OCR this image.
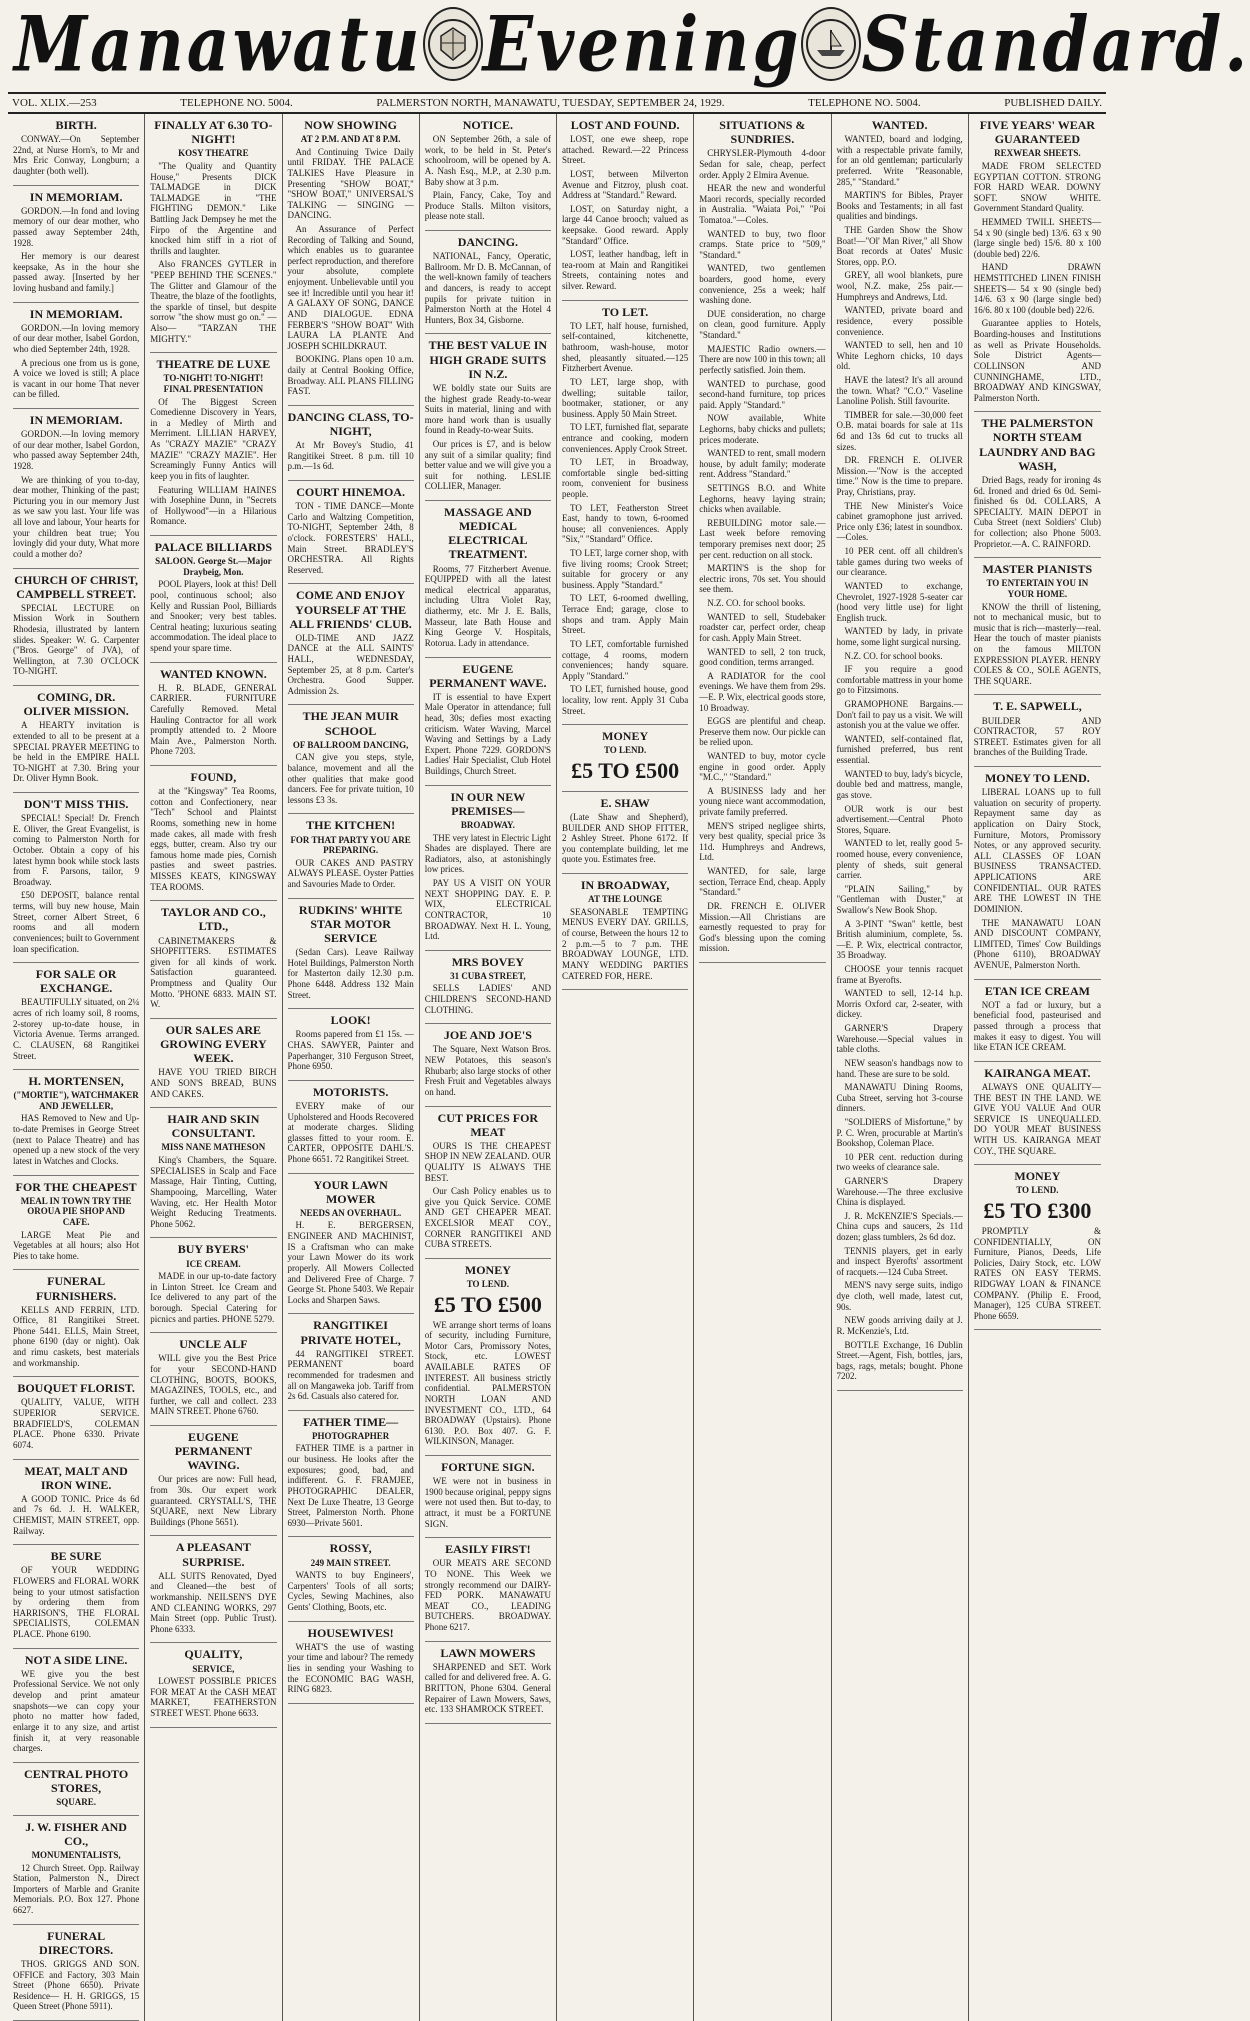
Manawatu Evening Standard.
VOL. XLIX.—253	TELEPHONE NO. 5004.	PALMERSTON NORTH, MANAWATU, TUESDAY, SEPTEMBER 24, 1929.	TELEPHONE NO. 5004.	PUBLISHED DAILY.
BIRTH.

CONWAY.—On September 22nd, at Nurse Horn's, to Mr and Mrs Eric Conway, Longburn; a daughter (both well).

IN MEMORIAM.

GORDON.—In fond and loving memory of our dear mother, who passed away September 24th, 1928.

Her memory is our dearest keepsake, As in the hour she passed away. [Inserted by her loving husband and family.]

IN MEMORIAM.

GORDON.—In loving memory of our dear mother, Isabel Gordon, who died September 24th, 1928.

A precious one from us is gone, A voice we loved is still; A place is vacant in our home That never can be filled.

IN MEMORIAM.

GORDON.—In loving memory of our dear mother, Isabel Gordon, who passed away September 24th, 1928.

We are thinking of you to-day, dear mother, Thinking of the past; Picturing you in our memory Just as we saw you last. Your life was all love and labour, Your hearts for your children beat true; You lovingly did your duty, What more could a mother do?

CHURCH OF CHRIST, CAMPBELL STREET.

SPECIAL LECTURE on Mission Work in Southern Rhodesia, illustrated by lantern slides. Speaker: W. G. Carpenter ("Bros. George" of JVA), of Wellington, at 7.30 O'CLOCK TO-NIGHT.

COMING, DR. OLIVER MISSION.

A HEARTY invitation is extended to all to be present at a SPECIAL PRAYER MEETING to be held in the EMPIRE HALL TO-NIGHT at 7.30. Bring your Dr. Oliver Hymn Book.

DON'T MISS THIS.

SPECIAL! Special! Dr. French E. Oliver, the Great Evangelist, is coming to Palmerston North for October. Obtain a copy of his latest hymn book while stock lasts from F. Parsons, tailor, 9 Broadway.

£50 DEPOSIT, balance rental terms, will buy new house, Main Street, corner Albert Street, 6 rooms and all modern conveniences; built to Government loan specification.

FOR SALE OR EXCHANGE.

BEAUTIFULLY situated, on 2¼ acres of rich loamy soil, 8 rooms, 2-storey up-to-date house, in Victoria Avenue. Terms arranged. C. CLAUSEN, 68 Rangitikei Street.

H. MORTENSEN,
("MORTIE"), WATCHMAKER AND JEWELLER,

HAS Removed to New and Up-to-date Premises in George Street (next to Palace Theatre) and has opened up a new stock of the very latest in Watches and Clocks.

FOR THE CHEAPEST
MEAL IN TOWN TRY THE OROUA PIE SHOP AND CAFE.

LARGE Meat Pie and Vegetables at all hours; also Hot Pies to take home.

FUNERAL FURNISHERS.

KELLS AND FERRIN, LTD. Office, 81 Rangitikei Street. Phone 5441. ELLS, Main Street, phone 6190 (day or night). Oak and rimu caskets, best materials and workmanship.

BOUQUET FLORIST.

QUALITY, VALUE, WITH SUPERIOR SERVICE. BRADFIELD'S, COLEMAN PLACE. Phone 6330. Private 6074.

MEAT, MALT AND IRON WINE.

A GOOD TONIC. Price 4s 6d and 7s 6d. J. H. WALKER, CHEMIST, MAIN STREET, opp. Railway.

BE SURE

OF YOUR WEDDING FLOWERS and FLORAL WORK being to your utmost satisfaction by ordering them from HARRISON'S, THE FLORAL SPECIALISTS, COLEMAN PLACE. Phone 6190.

NOT A SIDE LINE.

WE give you the best Professional Service. We not only develop and print amateur snapshots—we can copy your photo no matter how faded, enlarge it to any size, and artist finish it, at very reasonable charges.

CENTRAL PHOTO STORES,
SQUARE.
J. W. FISHER AND CO.,
MONUMENTALISTS,

12 Church Street. Opp. Railway Station, Palmerston N., Direct Importers of Marble and Granite Memorials. P.O. Box 127. Phone 6627.

FUNERAL DIRECTORS.

THOS. GRIGGS AND SON. OFFICE and Factory, 303 Main Street (Phone 6650). Private Residence— H. H. GRIGGS, 15 Queen Street (Phone 5911).

FINALLY AT 6.30 TO-NIGHT!
KOSY THEATRE

"The Quality and Quantity House," Presents DICK TALMADGE in DICK TALMADGE in "THE FIGHTING DEMON." Like Battling Jack Dempsey he met the Firpo of the Argentine and knocked him stiff in a riot of thrills and laughter.

Also FRANCES GYTLER in "PEEP BEHIND THE SCENES." The Glitter and Glamour of the Theatre, the blaze of the footlights, the sparkle of tinsel, but despite sorrow "the show must go on." —Also— "TARZAN THE MIGHTY."

THEATRE DE LUXE
TO-NIGHT! TO-NIGHT! FINAL PRESENTATION

Of The Biggest Screen Comedienne Discovery in Years, in a Medley of Mirth and Merriment. LILLIAN HARVEY, As "CRAZY MAZIE" "CRAZY MAZIE" "CRAZY MAZIE". Her Screamingly Funny Antics will keep you in fits of laughter.

Featuring WILLIAM HAINES with Josephine Dunn, in "Secrets of Hollywood"—in a Hilarious Romance.

PALACE BILLIARDS
SALOON. George St.—Major Draybeig, Mon.

POOL Players, look at this! Dell pool, continuous school; also Kelly and Russian Pool, Billiards and Snooker; very best tables. Central heating; luxurious seating accommodation. The ideal place to spend your spare time.

WANTED KNOWN.

H. R. BLADE, GENERAL CARRIER. FURNITURE Carefully Removed. Metal Hauling Contractor for all work promptly attended to. 2 Moore Main Ave., Palmerston North. Phone 7203.

FOUND,

at the "Kingsway" Tea Rooms, cotton and Confectionery, near "Tech" School and Plaintst Rooms, something new in home made cakes, all made with fresh eggs, butter, cream. Also try our famous home made pies, Cornish pasties and sweet pastries. MISSES KEATS, KINGSWAY TEA ROOMS.

TAYLOR AND CO., LTD.,

CABINETMAKERS & SHOPFITTERS. ESTIMATES given for all kinds of work. Satisfaction guaranteed. Promptness and Quality Our Motto. 'PHONE 6833. MAIN ST. W.

OUR SALES ARE GROWING EVERY WEEK.

HAVE YOU TRIED BIRCH AND SON'S BREAD, BUNS AND CAKES.

HAIR AND SKIN CONSULTANT.
MISS NANE MATHESON

King's Chambers, the Square. SPECIALISES in Scalp and Face Massage, Hair Tinting, Cutting, Shampooing, Marcelling, Water Waving, etc. Her Health Motor Weight Reducing Treatments. Phone 5062.

BUY BYERS'
ICE CREAM.

MADE in our up-to-date factory in Linton Street. Ice Cream and Ice delivered to any part of the borough. Special Catering for picnics and parties. PHONE 5279.

UNCLE ALF

WILL give you the Best Price for your SECOND-HAND CLOTHING, BOOTS, BOOKS, MAGAZINES, TOOLS, etc., and further, we call and collect. 233 MAIN STREET. Phone 6760.

EUGENE PERMANENT WAVING.

Our prices are now: Full head, from 30s. Our expert work guaranteed. CRYSTALL'S, THE SQUARE, next New Library Buildings (Phone 5651).

A PLEASANT SURPRISE.

ALL SUITS Renovated, Dyed and Cleaned—the best of workmanship. NEILSEN'S DYE AND CLEANING WORKS, 297 Main Street (opp. Public Trust). Phone 6333.

QUALITY,
SERVICE,

LOWEST POSSIBLE PRICES FOR MEAT At the CASH MEAT MARKET, FEATHERSTON STREET WEST. Phone 6633.

NOW SHOWING
AT 2 P.M. AND AT 8 P.M.

And Continuing Twice Daily until FRIDAY. THE PALACE TALKIES Have Pleasure in Presenting "SHOW BOAT," "SHOW BOAT," UNIVERSAL'S TALKING — SINGING — DANCING.

An Assurance of Perfect Recording of Talking and Sound, which enables us to guarantee perfect reproduction, and therefore your absolute, complete enjoyment. Unbelievable until you see it! Incredible until you hear it! A GALAXY OF SONG, DANCE AND DIALOGUE. EDNA FERBER'S "SHOW BOAT" With LAURA LA PLANTE And JOSEPH SCHILDKRAUT.

BOOKING. Plans open 10 a.m. daily at Central Booking Office, Broadway. ALL PLANS FILLING FAST.

DANCING CLASS, TO-NIGHT,

At Mr Bovey's Studio, 41 Rangitikei Street. 8 p.m. till 10 p.m.—1s 6d.

COURT HINEMOA.

TON - TIME DANCE—Monte Carlo and Waltzing Competition, TO-NIGHT, September 24th, 8 o'clock. FORESTERS' HALL, Main Street. BRADLEY'S ORCHESTRA. All Rights Reserved.

COME AND ENJOY YOURSELF AT THE ALL FRIENDS' CLUB.

OLD-TIME AND JAZZ DANCE at the ALL SAINTS' HALL, WEDNESDAY, September 25, at 8 p.m. Carter's Orchestra. Good Supper. Admission 2s.

THE JEAN MUIR SCHOOL
OF BALLROOM DANCING,

CAN give you steps, style, balance, movement and all the other qualities that make good dancers. Fee for private tuition, 10 lessons £3 3s.

THE KITCHEN!
FOR THAT PARTY YOU ARE PREPARING.

OUR CAKES AND PASTRY ALWAYS PLEASE. Oyster Patties and Savouries Made to Order.

RUDKINS' WHITE STAR MOTOR SERVICE

(Sedan Cars). Leave Railway Hotel Buildings, Palmerston North for Masterton daily 12.30 p.m. Phone 6448. Address 132 Main Street.

LOOK!

Rooms papered from £1 15s. —CHAS. SAWYER, Painter and Paperhanger, 310 Ferguson Street, Phone 6950.

MOTORISTS.

EVERY make of our Upholstered and Hoods Recovered at moderate charges. Sliding glasses fitted to your room. E. CARTER, OPPOSITE DAHL'S. Phone 6651. 72 Rangitikei Street.

YOUR LAWN MOWER
NEEDS AN OVERHAUL.

H. E. BERGERSEN, ENGINEER AND MACHINIST, IS a Craftsman who can make your Lawn Mower do its work properly. All Mowers Collected and Delivered Free of Charge. 7 George St. Phone 5403. We Repair Locks and Sharpen Saws.

RANGITIKEI PRIVATE HOTEL,

44 RANGITIKEI STREET. PERMANENT board recommended for tradesmen and all on Mangaweka job. Tariff from 2s 6d. Casuals also catered for.

FATHER TIME—
PHOTOGRAPHER

FATHER TIME is a partner in our business. He looks after the exposures; good, bad, and indifferent. G. F. FRAMJEE, PHOTOGRAPHIC DEALER, Next De Luxe Theatre, 13 George Street, Palmerston North. Phone 6930—Private 5601.

ROSSY,
249 MAIN STREET.

WANTS to buy Engineers', Carpenters' Tools of all sorts; Cycles, Sewing Machines, also Gents' Clothing, Boots, etc.

HOUSEWIVES!

WHAT'S the use of wasting your time and labour? The remedy lies in sending your Washing to the ECONOMIC BAG WASH, RING 6823.

NOTICE.

ON September 26th, a sale of work, to be held in St. Peter's schoolroom, will be opened by A. A. Nash Esq., M.P., at 2.30 p.m. Baby show at 3 p.m.

Plain, Fancy, Cake, Toy and Produce Stalls. Milton visitors, please note stall.

DANCING.

NATIONAL, Fancy, Operatic, Ballroom. Mr D. B. McCannan, of the well-known family of teachers and dancers, is ready to accept pupils for private tuition in Palmerston North at the Hotel 4 Hunters, Box 34, Gisborne.

THE BEST VALUE IN HIGH GRADE SUITS IN N.Z.

WE boldly state our Suits are the highest grade Ready-to-wear Suits in material, lining and with more hand work than is usually found in Ready-to-wear Suits.

Our prices is £7, and is below any suit of a similar quality; find better value and we will give you a suit for nothing. LESLIE COLLIER, Manager.

MASSAGE AND MEDICAL ELECTRICAL TREATMENT.

Rooms, 77 Fitzherbert Avenue. EQUIPPED with all the latest medical electrical apparatus, including Ultra Violet Ray, diathermy, etc. Mr J. E. Balls, Masseur, late Bath House and King George V. Hospitals, Rotorua. Lady in attendance.

EUGENE PERMANENT WAVE.

IT is essential to have Expert Male Operator in attendance; full head, 30s; defies most exacting criticism. Water Waving, Marcel Waving and Settings by a Lady Expert. Phone 7229. GORDON'S Ladies' Hair Specialist, Club Hotel Buildings, Church Street.

IN OUR NEW PREMISES—
BROADWAY.

THE very latest in Electric Light Shades are displayed. There are Radiators, also, at astonishingly low prices.

PAY US A VISIT ON YOUR NEXT SHOPPING DAY. E. P. WIX, ELECTRICAL CONTRACTOR, 10 BROADWAY. Next H. L. Young, Ltd.

MRS BOVEY
31 CUBA STREET,

SELLS LADIES' AND CHILDREN'S SECOND-HAND CLOTHING.

JOE AND JOE'S

The Square, Next Watson Bros. NEW Potatoes, this season's Rhubarb; also large stocks of other Fresh Fruit and Vegetables always on hand.

CUT PRICES FOR MEAT

OURS IS THE CHEAPEST SHOP IN NEW ZEALAND. OUR QUALITY IS ALWAYS THE BEST.

Our Cash Policy enables us to give you Quick Service. COME AND GET CHEAPER MEAT. EXCELSIOR MEAT COY., CORNER RANGITIKEI AND CUBA STREETS.

MONEY
TO LEND.
£5 TO £500

WE arrange short terms of loans of security, including Furniture, Motor Cars, Promissory Notes, Stock, etc. LOWEST AVAILABLE RATES OF INTEREST. All business strictly confidential. PALMERSTON NORTH LOAN AND INVESTMENT CO., LTD., 64 BROADWAY (Upstairs). Phone 6130. P.O. Box 407. G. F. WILKINSON, Manager.

FORTUNE SIGN.

WE were not in business in 1900 because original, peppy signs were not used then. But to-day, to attract, it must be a FORTUNE SIGN.

EASILY FIRST!

OUR MEATS ARE SECOND TO NONE. This Week we strongly recommend our DAIRY-FED PORK. MANAWATU MEAT CO., LEADING BUTCHERS. BROADWAY. Phone 6217.

LAWN MOWERS

SHARPENED and SET. Work called for and delivered free. A. G. BRITTON, Phone 6304. General Repairer of Lawn Mowers, Saws, etc. 133 SHAMROCK STREET.

LOST AND FOUND.

LOST, one ewe sheep, rope attached. Reward.—22 Princess Street.

LOST, between Milverton Avenue and Fitzroy, plush coat. Address at "Standard." Reward.

LOST, on Saturday night, a large 44 Canoe brooch; valued as keepsake. Good reward. Apply "Standard" Office.

LOST, leather handbag, left in tea-room at Main and Rangitikei Streets, containing notes and silver. Reward.

TO LET.

TO LET, half house, furnished, self-contained, kitchenette, bathroom, wash-house, motor shed, pleasantly situated.—125 Fitzherbert Avenue.

TO LET, large shop, with dwelling; suitable tailor, bootmaker, stationer, or any business. Apply 50 Main Street.

TO LET, furnished flat, separate entrance and cooking, modern conveniences. Apply Crook Street.

TO LET, in Broadway, comfortable single bed-sitting room, convenient for business people.

TO LET, Featherston Street East, handy to town, 6-roomed house; all conveniences. Apply "Six," "Standard" Office.

TO LET, large corner shop, with five living rooms; Crook Street; suitable for grocery or any business. Apply "Standard."

TO LET, 6-roomed dwelling, Terrace End; garage, close to shops and tram. Apply Main Street.

TO LET, comfortable furnished cottage, 4 rooms, modern conveniences; handy square. Apply "Standard."

TO LET, furnished house, good locality, low rent. Apply 31 Cuba Street.

MONEY
TO LEND.
£5 TO £500
E. SHAW

(Late Shaw and Shepherd), BUILDER AND SHOP FITTER, 2 Ashley Street. Phone 6172. If you contemplate building, let me quote you. Estimates free.

IN BROADWAY,
AT THE LOUNGE

SEASONABLE TEMPTING MENUS EVERY DAY. GRILLS, of course, Between the hours 12 to 2 p.m.—5 to 7 p.m. THE BROADWAY LOUNGE, LTD. MANY WEDDING PARTIES CATERED FOR, HERE.

SITUATIONS & SUNDRIES.

CHRYSLER-Plymouth 4-door Sedan for sale, cheap, perfect order. Apply 2 Elmira Avenue.

HEAR the new and wonderful Maori records, specially recorded in Australia. "Waiata Poi," "Poi Tomatoa."—Coles.

WANTED to buy, two floor cramps. State price to "509," "Standard."

WANTED, two gentlemen boarders, good home, every convenience, 25s a week; half washing done.

DUE consideration, no charge on clean, good furniture. Apply "Standard."

MAJESTIC Radio owners.—There are now 100 in this town; all perfectly satisfied. Join them.

WANTED to purchase, good second-hand furniture, top prices paid. Apply "Standard."

NOW available, White Leghorns, baby chicks and pullets; prices moderate.

WANTED to rent, small modern house, by adult family; moderate rent. Address "Standard."

SETTINGS B.O. and White Leghorns, heavy laying strain; chicks when available.

REBUILDING motor sale.—Last week before removing temporary premises next door; 25 per cent. reduction on all stock.

MARTIN'S is the shop for electric irons, 70s set. You should see them.

N.Z. CO. for school books.

WANTED to sell, Studebaker roadster car, perfect order, cheap for cash. Apply Main Street.

WANTED to sell, 2 ton truck, good condition, terms arranged.

A RADIATOR for the cool evenings. We have them from 29s.—E. P. Wix, electrical goods store, 10 Broadway.

EGGS are plentiful and cheap. Preserve them now. Our pickle can be relied upon.

WANTED to buy, motor cycle engine in good order. Apply "M.C.," "Standard."

A BUSINESS lady and her young niece want accommodation, private family preferred.

MEN'S striped negligee shirts, very best quality, special price 3s 11d. Humphreys and Andrews, Ltd.

WANTED, for sale, large section, Terrace End, cheap. Apply "Standard."

DR. FRENCH E. OLIVER Mission.—All Christians are earnestly requested to pray for God's blessing upon the coming mission.

WANTED.

WANTED, board and lodging, with a respectable private family, for an old gentleman; particularly preferred. Write "Reasonable, 285," "Standard."

MARTIN'S for Bibles, Prayer Books and Testaments; in all fast qualities and bindings.

THE Garden Show the Show Boat!—"Ol' Man River," all Show Boat records at Oates' Music Stores, opp. P.O.

GREY, all wool blankets, pure wool, N.Z. make, 25s pair.—Humphreys and Andrews, Ltd.

WANTED, private board and residence, every possible convenience.

WANTED to sell, hen and 10 White Leghorn chicks, 10 days old.

HAVE the latest? It's all around the town. What? "C.O." Vaseline Lanoline Polish. Still favourite.

TIMBER for sale.—30,000 feet O.B. matai boards for sale at 11s 6d and 13s 6d cut to trucks all sizes.

DR. FRENCH E. OLIVER Mission.—"Now is the accepted time." Now is the time to prepare. Pray, Christians, pray.

THE New Minister's Voice cabinet gramophone just arrived. Price only £36; latest in soundbox.—Coles.

10 PER cent. off all children's table games during two weeks of our clearance.

WANTED to exchange, Chevrolet, 1927-1928 5-seater car (hood very little use) for light English truck.

WANTED by lady, in private home, some light surgical nursing.

N.Z. CO. for school books.

IF you require a good comfortable mattress in your home go to Fitzsimons.

GRAMOPHONE Bargains.—Don't fail to pay us a visit. We will astonish you at the value we offer.

WANTED, self-contained flat, furnished preferred, bus rent essential.

WANTED to buy, lady's bicycle, double bed and mattress, mangle, gas stove.

OUR work is our best advertisement.—Central Photo Stores, Square.

WANTED to let, really good 5-roomed house, every convenience, plenty of sheds, suit general carrier.

"PLAIN Sailing," by "Gentleman with Duster," at Swallow's New Book Shop.

A 3-PINT "Swan" kettle, best British aluminium, complete, 5s.—E. P. Wix, electrical contractor, 35 Broadway.

CHOOSE your tennis racquet frame at Byerofts.

WANTED to sell, 12-14 h.p. Morris Oxford car, 2-seater, with dickey.

GARNER'S Drapery Warehouse.—Special values in table cloths.

NEW season's handbags now to hand. These are sure to be sold.

MANAWATU Dining Rooms, Cuba Street, serving hot 3-course dinners.

"SOLDIERS of Misfortune," by P. C. Wren, procurable at Martin's Bookshop, Coleman Place.

10 PER cent. reduction during two weeks of clearance sale.

GARNER'S Drapery Warehouse.—The three exclusive China is displayed.

J. R. McKENZIE'S Specials.—China cups and saucers, 2s 11d dozen; glass tumblers, 2s 6d doz.

TENNIS players, get in early and inspect Byerofts' assortment of racquets.—124 Cuba Street.

MEN'S navy serge suits, indigo dye cloth, well made, latest cut, 90s.

NEW goods arriving daily at J. R. McKenzie's, Ltd.

BOTTLE Exchange, 16 Dublin Street.—Agent, Fish, bottles, jars, bags, rags, metals; bought. Phone 7202.

FIVE YEARS' WEAR GUARANTEED
REXWEAR SHEETS.

MADE FROM SELECTED EGYPTIAN COTTON. STRONG FOR HARD WEAR. DOWNY SOFT. SNOW WHITE. Government Standard Quality.

HEMMED TWILL SHEETS— 54 x 90 (single bed) 13/6. 63 x 90 (large single bed) 15/6. 80 x 100 (double bed) 22/6.

HAND DRAWN HEMSTITCHED LINEN FINISH SHEETS— 54 x 90 (single bed) 14/6. 63 x 90 (large single bed) 16/6. 80 x 100 (double bed) 22/6.

Guarantee applies to Hotels, Boarding-houses and Institutions as well as Private Households. Sole District Agents—COLLINSON AND CUNNINGHAME, LTD., BROADWAY AND KINGSWAY, Palmerston North.

THE PALMERSTON NORTH STEAM LAUNDRY AND BAG WASH,

Dried Bags, ready for ironing 4s 6d. Ironed and dried 6s 0d. Semi-finished 6s 0d. COLLARS, A SPECIALTY. MAIN DEPOT in Cuba Street (next Soldiers' Club) for collection; also Phone 5003. Proprietor.—A. C. RAINFORD.

MASTER PIANISTS
TO ENTERTAIN YOU IN YOUR HOME.

KNOW the thrill of listening, not to mechanical music, but to music that is rich—masterly—real. Hear the touch of master pianists on the famous MILTON EXPRESSION PLAYER. HENRY COLES & CO., SOLE AGENTS, THE SQUARE.

T. E. SAPWELL,

BUILDER AND CONTRACTOR, 57 ROY STREET. Estimates given for all branches of the Building Trade.

MONEY TO LEND.

LIBERAL LOANS up to full valuation on security of property. Repayment same day as application on Dairy Stock, Furniture, Motors, Promissory Notes, or any approved security. ALL CLASSES OF LOAN BUSINESS TRANSACTED. APPLICATIONS ARE CONFIDENTIAL. OUR RATES ARE THE LOWEST IN THE DOMINION.

THE MANAWATU LOAN AND DISCOUNT COMPANY, LIMITED, Times' Cow Buildings (Phone 6110), BROADWAY AVENUE, Palmerston North.

ETAN ICE CREAM

NOT a fad or luxury, but a beneficial food, pasteurised and passed through a process that makes it easy to digest. You will like ETAN ICE CREAM.

KAIRANGA MEAT.

ALWAYS ONE QUALITY—THE BEST IN THE LAND. WE GIVE YOU VALUE And OUR SERVICE IS UNEQUALLED. DO YOUR MEAT BUSINESS WITH US. KAIRANGA MEAT COY., THE SQUARE.

MONEY
TO LEND.
£5 TO £300

PROMPTLY & CONFIDENTIALLY, ON Furniture, Pianos, Deeds, Life Policies, Dairy Stock, etc. LOW RATES ON EASY TERMS. RIDGWAY LOAN & FINANCE COMPANY. (Philip E. Frood, Manager), 125 CUBA STREET. Phone 6659.
